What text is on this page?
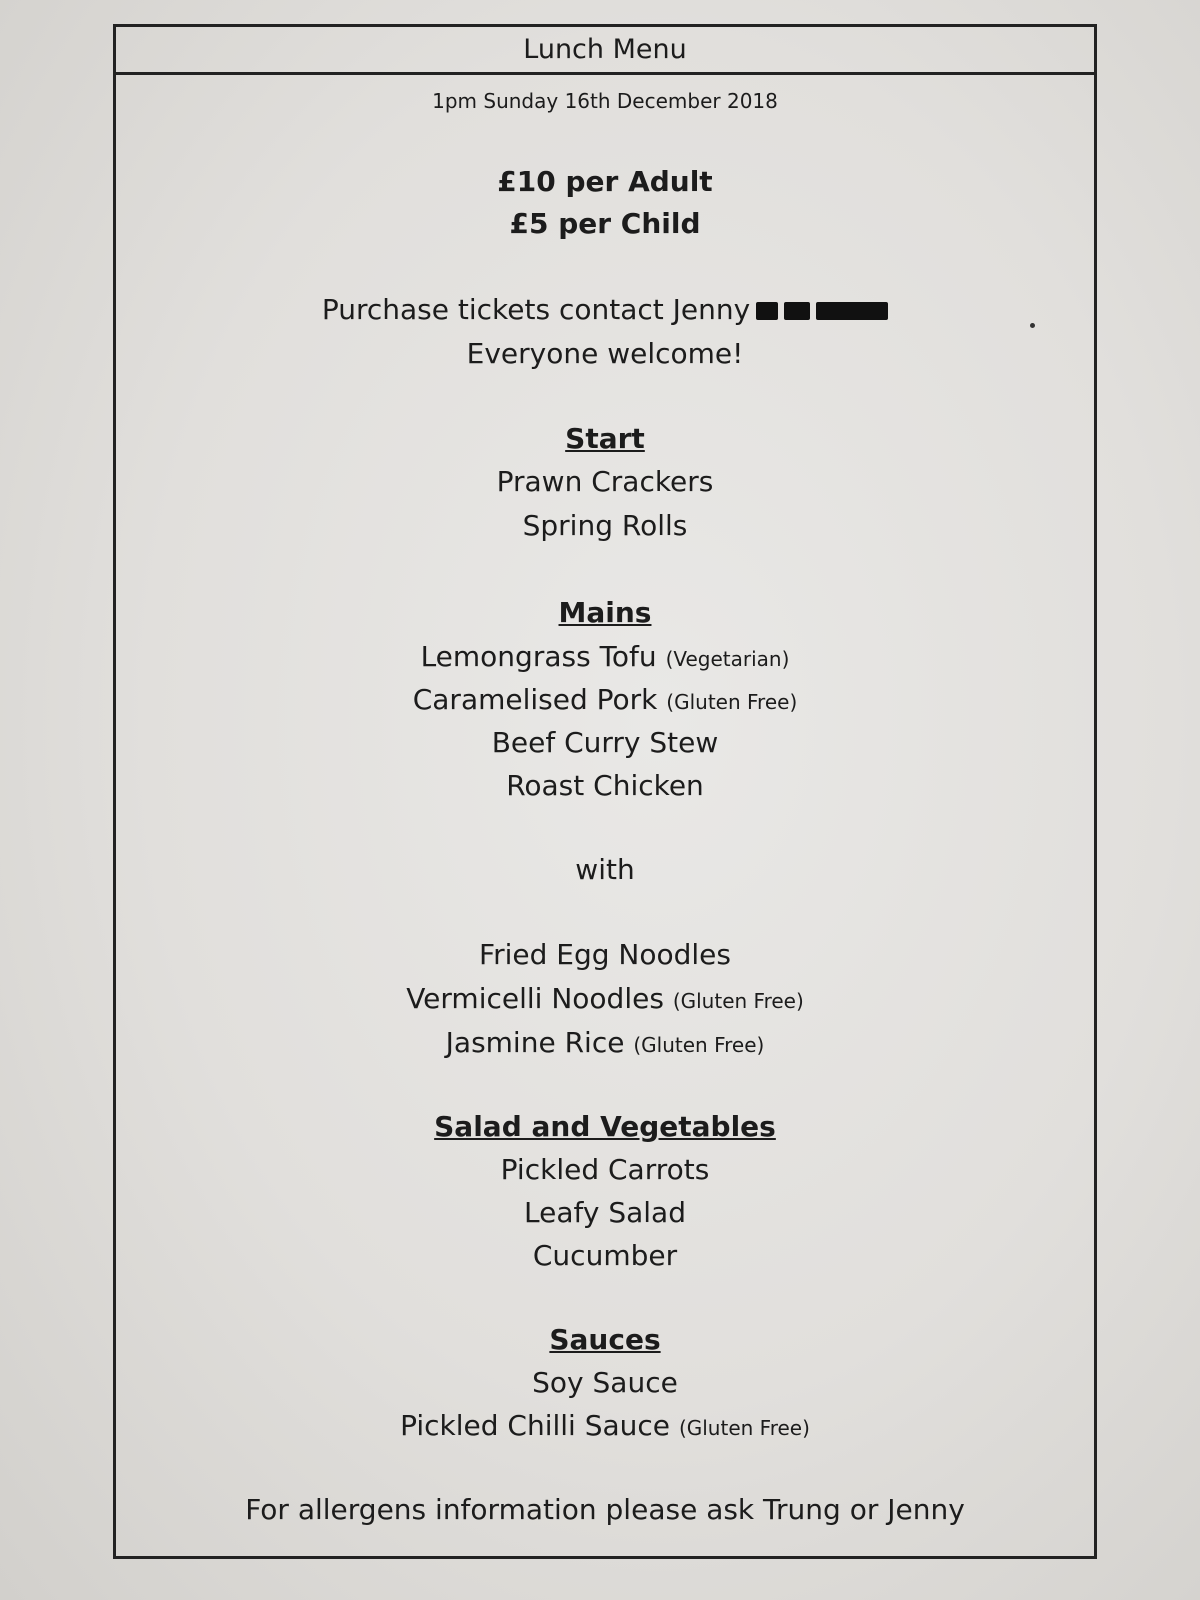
Lunch Menu
1pm Sunday 16th December 2018
£10 per Adult
£5 per Child
Purchase tickets contact Jenny
Everyone welcome!
Start
Prawn Crackers
Spring Rolls
Mains
Lemongrass Tofu (Vegetarian)
Caramelised Pork (Gluten Free)
Beef Curry Stew
Roast Chicken
with
Fried Egg Noodles
Vermicelli Noodles (Gluten Free)
Jasmine Rice (Gluten Free)
Salad and Vegetables
Pickled Carrots
Leafy Salad
Cucumber
Sauces
Soy Sauce
Pickled Chilli Sauce (Gluten Free)
For allergens information please ask Trung or Jenny
